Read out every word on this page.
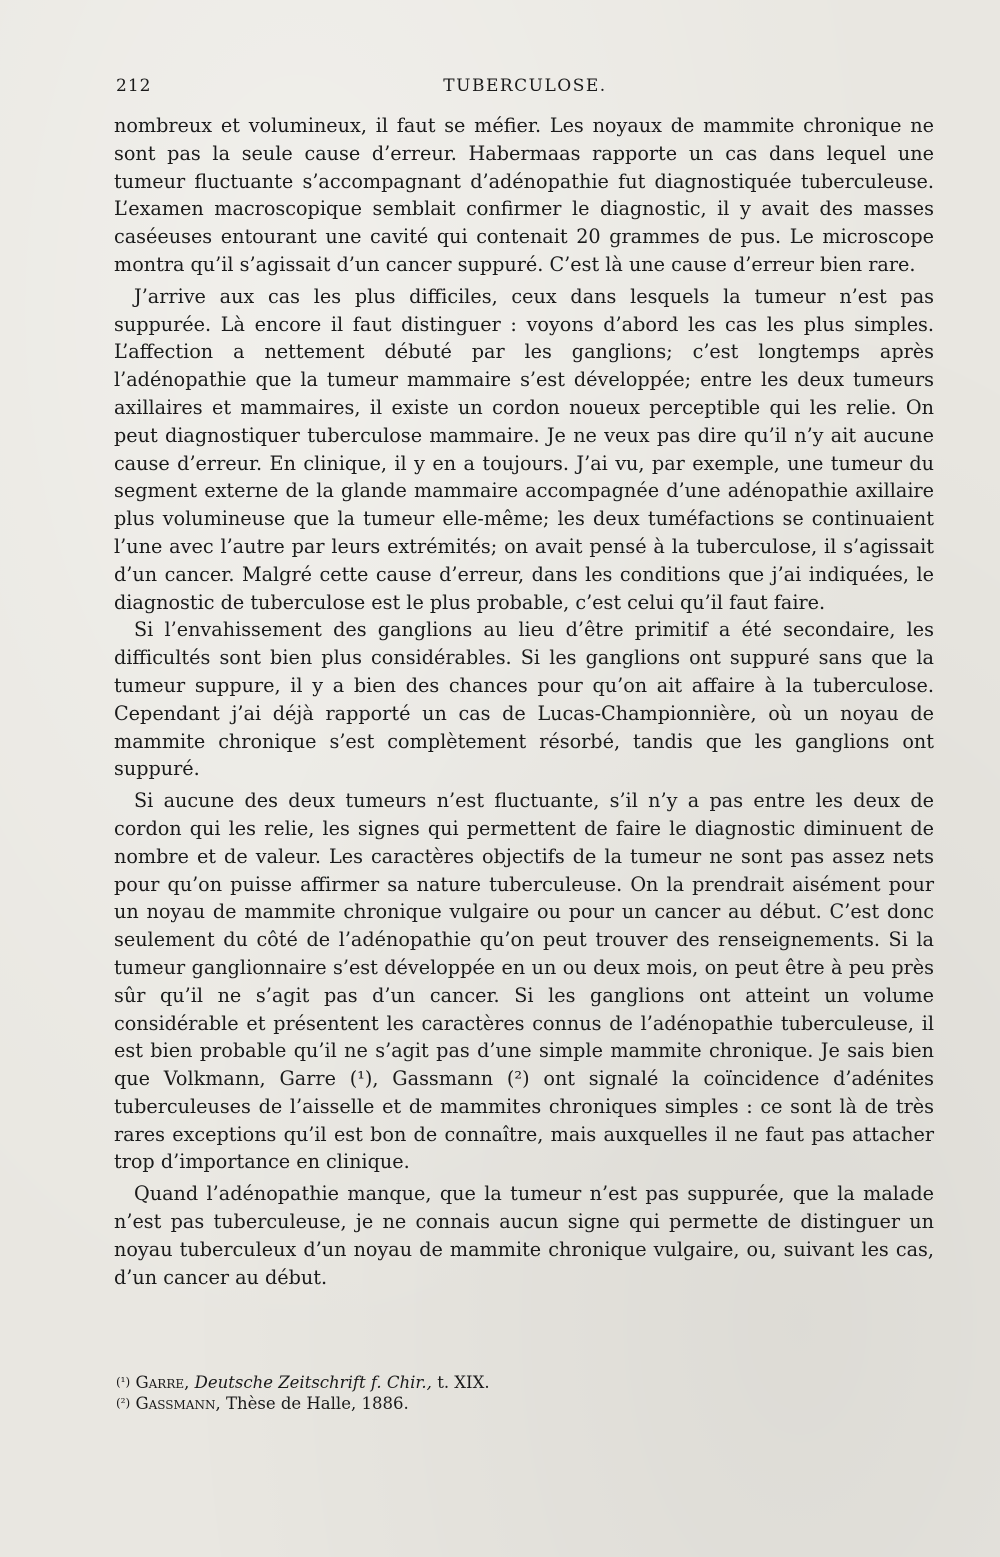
212	TUBERCULOSE.

nombreux et volumineux, il faut se méfier. Les noyaux de mammite chronique ne sont pas la seule cause d’erreur. Habermaas rapporte un cas dans lequel une tumeur fluctuante s’accompagnant d’adénopathie fut diagnostiquée tuberculeuse. L’examen macroscopique semblait confirmer le diagnostic, il y avait des masses caséeuses entourant une cavité qui contenait 20 grammes de pus. Le microscope montra qu’il s’agissait d’un cancer suppuré. C’est là une cause d’erreur bien rare.

J’arrive aux cas les plus difficiles, ceux dans lesquels la tumeur n’est pas suppurée. Là encore il faut distinguer : voyons d’abord les cas les plus simples. L’affection a nettement débuté par les ganglions; c’est longtemps après l’adénopathie que la tumeur mammaire s’est développée; entre les deux tumeurs axillaires et mammaires, il existe un cordon noueux perceptible qui les relie. On peut diagnostiquer tuberculose mammaire. Je ne veux pas dire qu’il n’y ait aucune cause d’erreur. En clinique, il y en a toujours. J’ai vu, par exemple, une tumeur du segment externe de la glande mammaire accompagnée d’une adénopathie axillaire plus volumineuse que la tumeur elle-même; les deux tuméfactions se continuaient l’une avec l’autre par leurs extrémités; on avait pensé à la tuberculose, il s’agissait d’un cancer. Malgré cette cause d’erreur, dans les conditions que j’ai indiquées, le diagnostic de tuberculose est le plus probable, c’est celui qu’il faut faire.

Si l’envahissement des ganglions au lieu d’être primitif a été secondaire, les difficultés sont bien plus considérables. Si les ganglions ont suppuré sans que la tumeur suppure, il y a bien des chances pour qu’on ait affaire à la tuberculose. Cependant j’ai déjà rapporté un cas de Lucas-Championnière, où un noyau de mammite chronique s’est complètement résorbé, tandis que les ganglions ont suppuré.

Si aucune des deux tumeurs n’est fluctuante, s’il n’y a pas entre les deux de cordon qui les relie, les signes qui permettent de faire le diagnostic diminuent de nombre et de valeur. Les caractères objectifs de la tumeur ne sont pas assez nets pour qu’on puisse affirmer sa nature tuberculeuse. On la prendrait aisément pour un noyau de mammite chronique vulgaire ou pour un cancer au début. C’est donc seulement du côté de l’adénopathie qu’on peut trouver des renseignements. Si la tumeur ganglionnaire s’est développée en un ou deux mois, on peut être à peu près sûr qu’il ne s’agit pas d’un cancer. Si les ganglions ont atteint un volume considérable et présentent les caractères connus de l’adénopathie tuberculeuse, il est bien probable qu’il ne s’agit pas d’une simple mammite chronique. Je sais bien que Volkmann, Garre (¹), Gassmann (²) ont signalé la coïncidence d’adénites tuberculeuses de l’aisselle et de mammites chroniques simples : ce sont là de très rares exceptions qu’il est bon de connaître, mais auxquelles il ne faut pas attacher trop d’importance en clinique.

Quand l’adénopathie manque, que la tumeur n’est pas suppurée, que la malade n’est pas tuberculeuse, je ne connais aucun signe qui permette de distinguer un noyau tuberculeux d’un noyau de mammite chronique vulgaire, ou, suivant les cas, d’un cancer au début.

(¹) Garre, Deutsche Zeitschrift f. Chir., t. XIX.

(²) Gassmann, Thèse de Halle, 1886.
